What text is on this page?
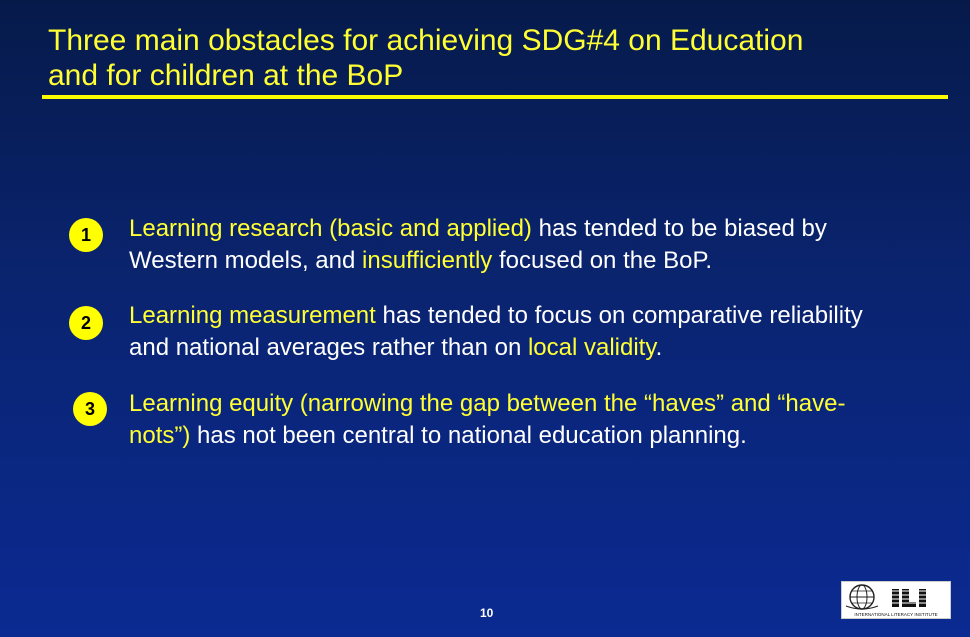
Three main obstacles for achieving SDG#4 on Education
and for children at the BoP
1	Learning research (basic and applied) has tended to be biased by Western models, and insufficiently focused on the BoP.
2	Learning measurement has tended to focus on comparative reliability and national averages rather than on local validity.
3	Learning equity (narrowing the gap between the “haves” and “have-nots”) has not been central to national education planning.
10	INTERNATIONAL LITERACY INSTITUTE
